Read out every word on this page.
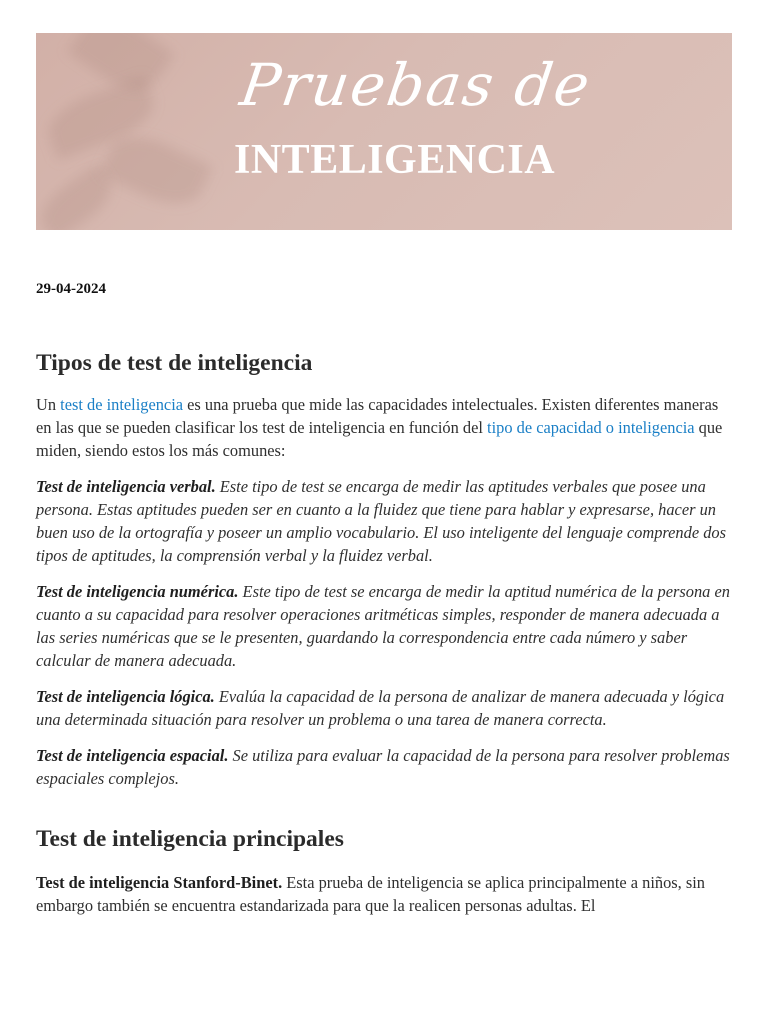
Pruebas de
INTELIGENCIA
29-04-2024
Tipos de test de inteligencia

Un test de inteligencia es una prueba que mide las capacidades intelectuales. Existen diferentes maneras en las que se pueden clasificar los test de inteligencia en función del tipo de capacidad o inteligencia que miden, siendo estos los más comunes:

Test de inteligencia verbal. Este tipo de test se encarga de medir las aptitudes verbales que posee una persona. Estas aptitudes pueden ser en cuanto a la fluidez que tiene para hablar y expresarse, hacer un buen uso de la ortografía y poseer un amplio vocabulario. El uso inteligente del lenguaje comprende dos tipos de aptitudes, la comprensión verbal y la fluidez verbal.

Test de inteligencia numérica. Este tipo de test se encarga de medir la aptitud numérica de la persona en cuanto a su capacidad para resolver operaciones aritméticas simples, responder de manera adecuada a las series numéricas que se le presenten, guardando la correspondencia entre cada número y saber calcular de manera adecuada.

Test de inteligencia lógica. Evalúa la capacidad de la persona de analizar de manera adecuada y lógica una determinada situación para resolver un problema o una tarea de manera correcta.

Test de inteligencia espacial. Se utiliza para evaluar la capacidad de la persona para resolver problemas espaciales complejos.

Test de inteligencia principales

Test de inteligencia Stanford-Binet. Esta prueba de inteligencia se aplica principalmente a niños, sin embargo también se encuentra estandarizada para que la realicen personas adultas. El
